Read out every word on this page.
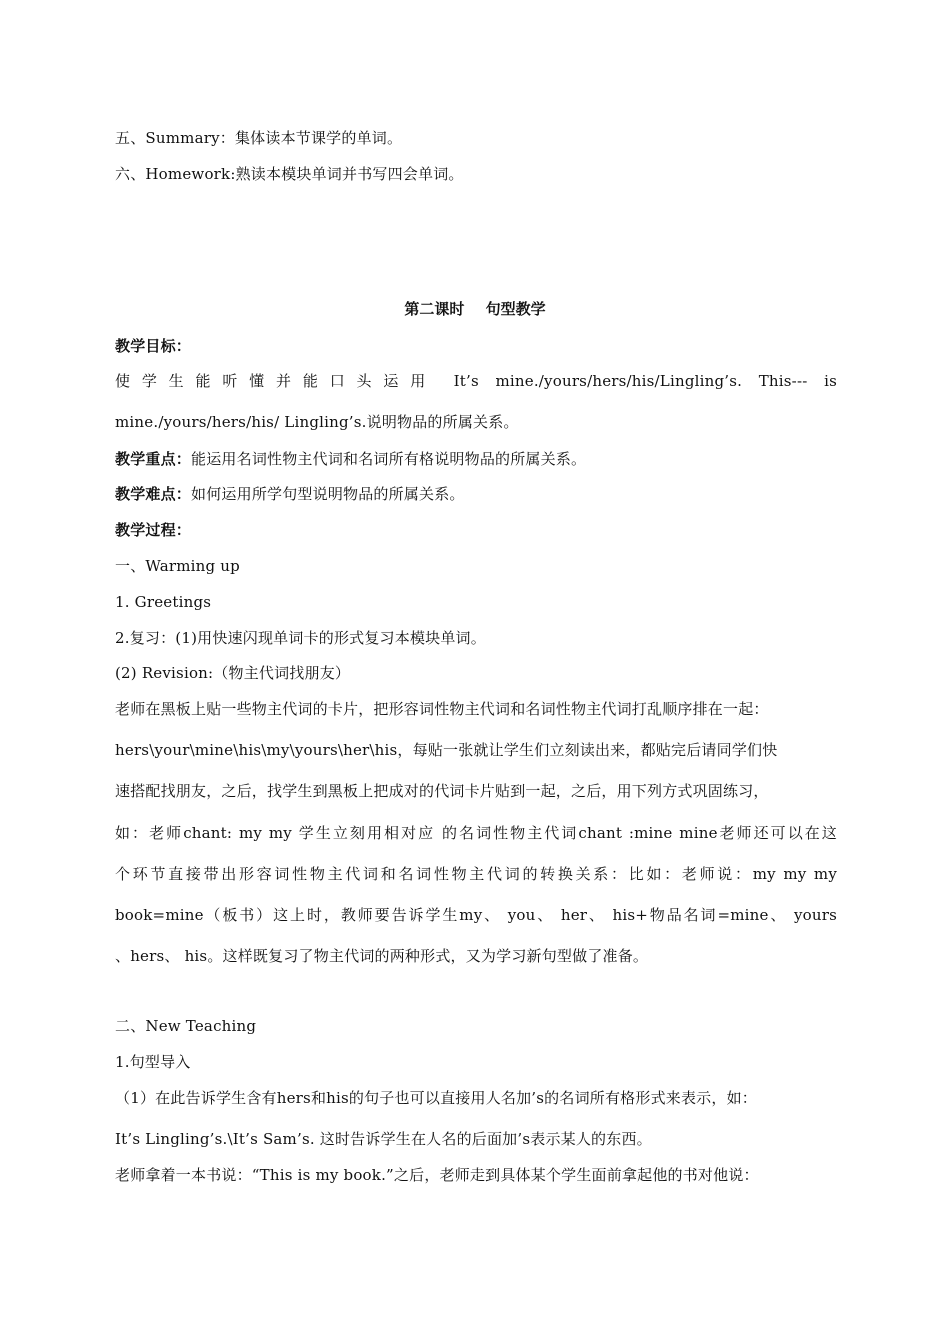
五、Summary：集体读本节课学的单词。
六、Homework:熟读本模块单词并书写四会单词。
第二课时 句型教学
教学目标：
使学生能听懂并能口头运用 It’s mine./yours/hers/his/Lingling’s. This--- is
mine./yours/hers/his/ Lingling’s.说明物品的所属关系。
教学重点：能运用名词性物主代词和名词所有格说明物品的所属关系。
教学难点：如何运用所学句型说明物品的所属关系。
教学过程：
一、Warming up
1. Greetings
2.复习：(1)用快速闪现单词卡的形式复习本模块单词。
(2) Revision:（物主代词找朋友）
老师在黑板上贴一些物主代词的卡片，把形容词性物主代词和名词性物主代词打乱顺序排在一起：
hers\your\mine\his\my\yours\her\his，每贴一张就让学生们立刻读出来，都贴完后请同学们快
速搭配找朋友，之后，找学生到黑板上把成对的代词卡片贴到一起，之后，用下列方式巩固练习，
如：老师chant: my my 学生立刻用相对应 的名词性物主代词chant :mine mine老师还可以在这
个环节直接带出形容词性物主代词和名词性物主代词的转换关系：比如：老师说：my my my
book=mine（板书）这上时，教师要告诉学生my、 you、 her、 his+物品名词=mine、 yours
、hers、 his。这样既复习了物主代词的两种形式，又为学习新句型做了准备。
二、New Teaching
1.句型导入
（1）在此告诉学生含有hers和his的句子也可以直接用人名加’s的名词所有格形式来表示，如：
It’s Lingling’s.\It’s Sam’s. 这时告诉学生在人名的后面加’s表示某人的东西。
老师拿着一本书说：“This is my book.”之后，老师走到具体某个学生面前拿起他的书对他说：
